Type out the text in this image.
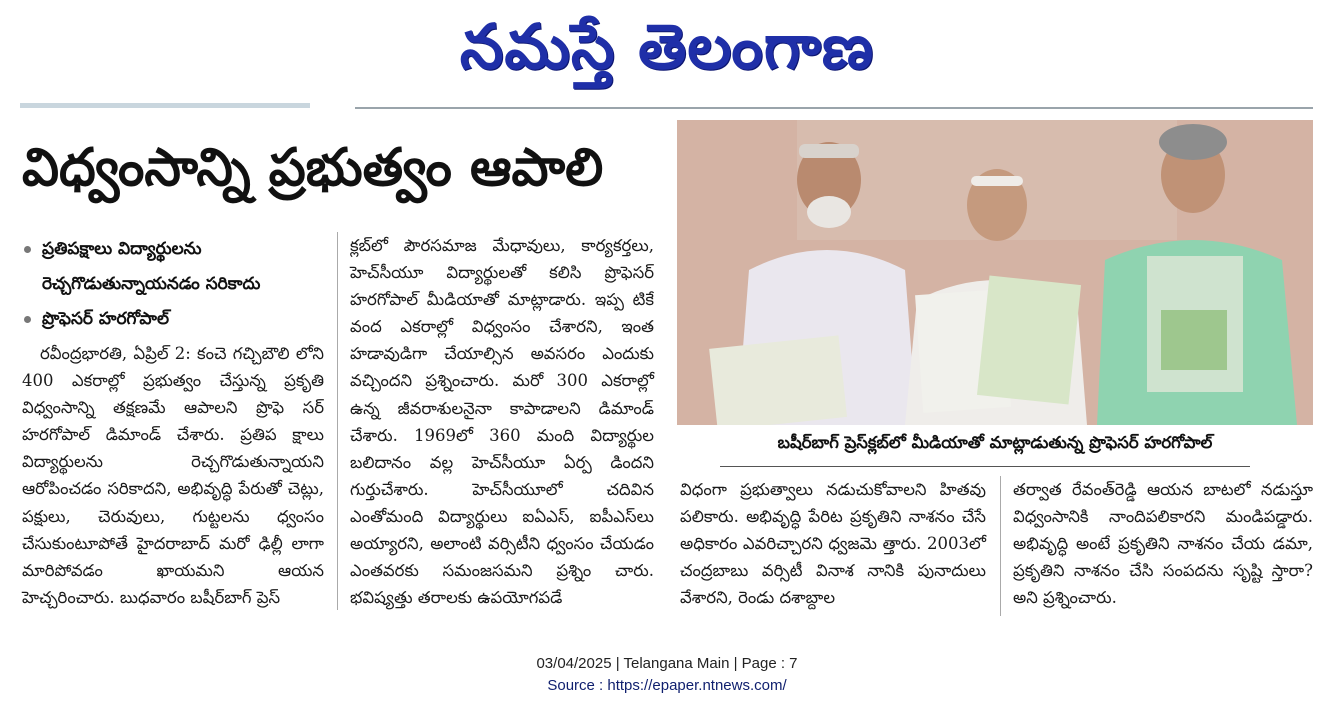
నమస్తే తెలంగాణ
విధ్వంసాన్ని ప్రభుత్వం ఆపాలి
ప్రతిపక్షాలు విద్యార్థులను
రెచ్చగొడుతున్నాయనడం సరికాదు
ప్రొఫెసర్ హరగోపాల్
రవీంద్రభారతి, ఏప్రిల్ 2: కంచె గచ్చిబౌలి లోని 400 ఎకరాల్లో ప్రభుత్వం చేస్తున్న ప్రకృతి విధ్వంసాన్ని తక్షణమే ఆపాలని ప్రొఫె సర్ హరగోపాల్ డిమాండ్ చేశారు. ప్రతిప క్షాలు విద్యార్థులను రెచ్చగొడుతున్నాయని ఆరోపించడం సరికాదని, అభివృద్ధి పేరుతో చెట్లు, పక్షులు, చెరువులు, గుట్టలను ధ్వంసం చేసుకుంటూపోతే హైదరాబాద్ మరో ఢిల్లీ లాగా మారిపోవడం ఖాయమని ఆయన హెచ్చరించారు. బుధవారం బషీర్‌బాగ్ ప్రెస్
క్లబ్‌లో పౌరసమాజ మేధావులు, కార్యకర్తలు, హెచ్‌సీయూ విద్యార్థులతో కలిసి ప్రొఫెసర్ హరగోపాల్ మీడియాతో మాట్లాడారు. ఇప్ప టికే వంద ఎకరాల్లో విధ్వంసం చేశారని, ఇంత హడావుడిగా చేయాల్సిన అవసరం ఎందుకు వచ్చిందని ప్రశ్నించారు. మరో 300 ఎకరాల్లో ఉన్న జీవరాశులనైనా కాపాడాలని డిమాండ్ చేశారు. 1969లో 360 మంది విద్యార్థుల బలిదానం వల్ల హెచ్‌సీయూ ఏర్ప డిందని గుర్తుచేశారు. హెచ్‌సీయూలో చదివిన ఎంతోమంది విద్యార్థులు ఐఏఎస్, ఐపీఎస్‌లు అయ్యారని, అలాంటి వర్సిటీని ధ్వంసం చేయడం ఎంతవరకు సమంజసమని ప్రశ్నిం చారు. భవిష్యత్తు తరాలకు ఉపయోగపడే
బషీర్‌బాగ్ ప్రెస్‌క్లబ్‌లో మీడియాతో మాట్లాడుతున్న ప్రొఫెసర్ హరగోపాల్
విధంగా ప్రభుత్వాలు నడుచుకోవాలని హితవు పలికారు. అభివృద్ధి పేరిట ప్రకృతిని నాశనం చేసే అధికారం ఎవరిచ్చారని ధ్వజమె త్తారు. 2003లో చంద్రబాబు వర్సిటీ వినాశ నానికి పునాదులు వేశారని, రెండు దశాబ్దాల
తర్వాత రేవంత్‌రెడ్డి ఆయన బాటలో నడుస్తూ విధ్వంసానికి నాందిపలికారని మండిపడ్డారు. అభివృద్ధి అంటే ప్రకృతిని నాశనం చేయ డమా, ప్రకృతిని నాశనం చేసి సంపదను సృష్టి స్తారా? అని ప్రశ్నించారు.
03/04/2025 | Telangana Main | Page : 7
Source : https://epaper.ntnews.com/
